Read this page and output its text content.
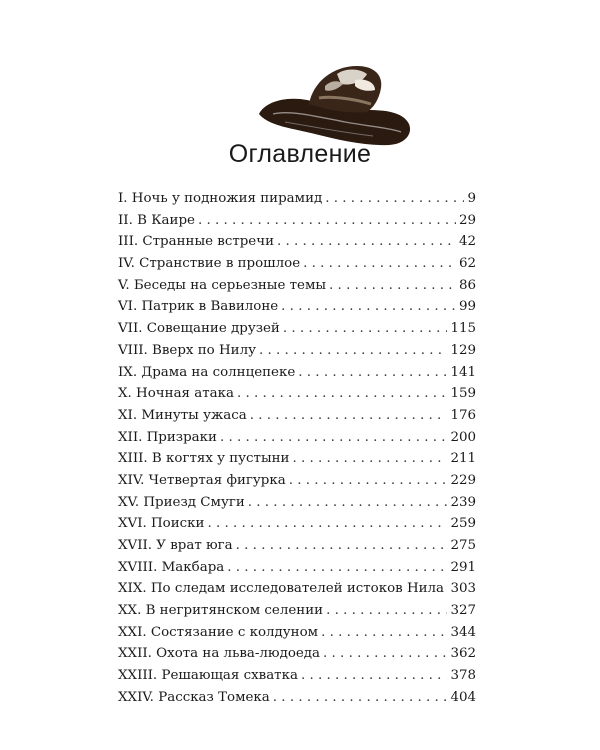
Оглавление
I. Ночь у подножия пирамид . . .	9
II. В Каире . . .	29
III. Странные встречи . . .	42
IV. Странствие в прошлое . . .	62
V. Беседы на серьезные темы . . .	86
VI. Патрик в Вавилоне . . .	99
VII. Совещание друзей . . .	115
VIII. Вверх по Нилу . . .	129
IX. Драма на солнцепеке . . .	141
X. Ночная атака . . .	159
XI. Минуты ужаса . . .	176
XII. Призраки . . .	200
XIII. В когтях у пустыни . . .	211
XIV. Четвертая фигурка . . .	229
XV. Приезд Смуги . . .	239
XVI. Поиски . . .	259
XVII. У врат юга . . .	275
XVIII. Макбара . . .	291
XIX. По следам исследователей истоков Нила . . . 303
XX. В негритянском селении . . .	327
XXI. Состязание с колдуном . . .	344
XXII. Охота на льва-людоеда . . .	362
XXIII. Решающая схватка . . .	378
XXIV. Рассказ Томека . . .	404
